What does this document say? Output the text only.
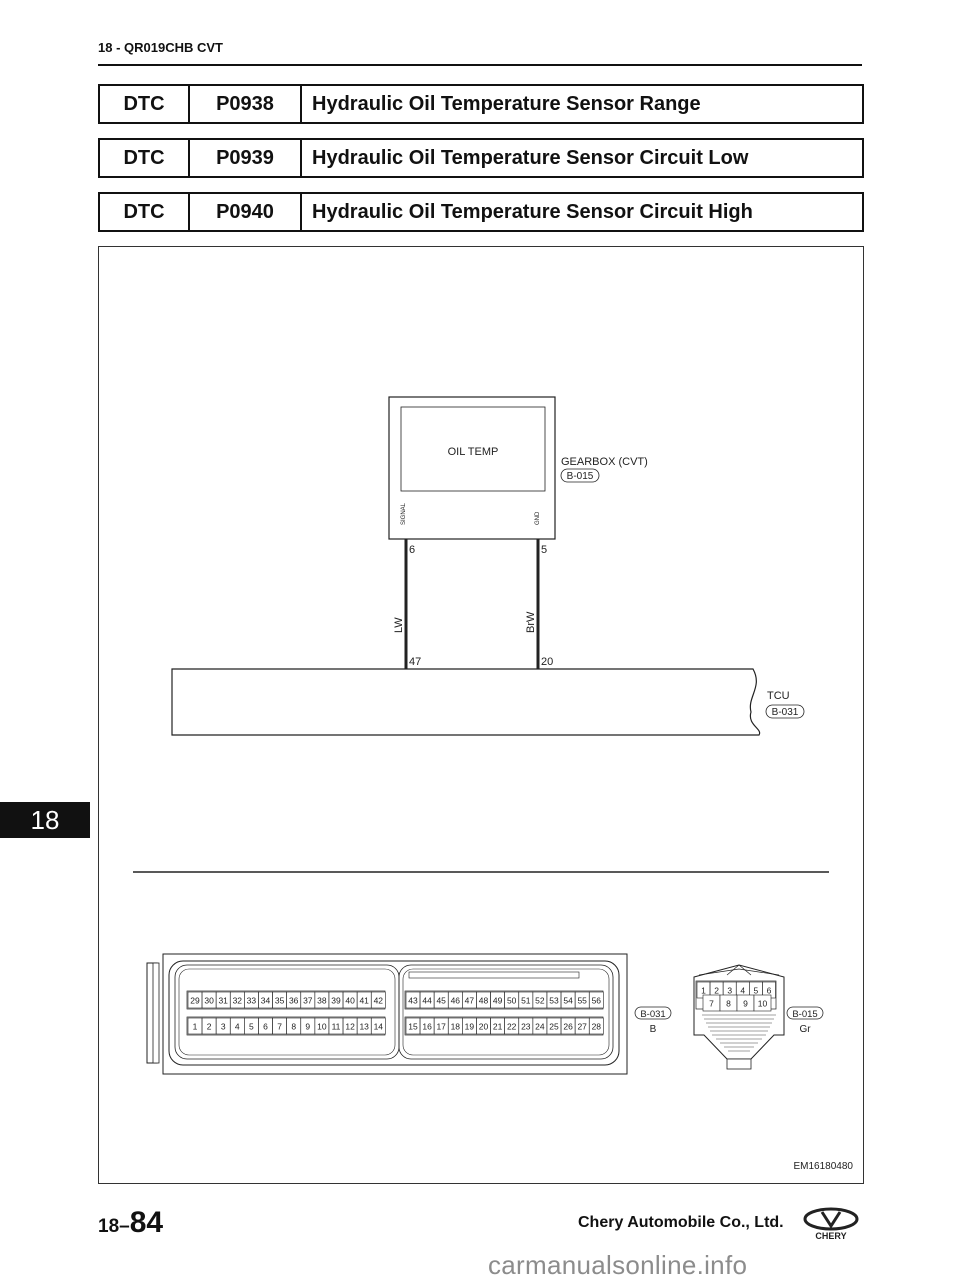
18 - QR019CHB CVT
DTC	P0938	Hydraulic Oil Temperature Sensor Range
DTC	P0939	Hydraulic Oil Temperature Sensor Circuit Low
DTC	P0940	Hydraulic Oil Temperature Sensor Circuit High
OIL TEMP
SIGNAL	GND
GEARBOX (CVT)
B-015
6	5
LW	BrW
47	20
TCU
B-031
29
1
43
15
30
2
44
16
31
3
45
17
32
4
46
18
33
5
47
19
34
6
48
20
35
7
49
21
36
8
50
22
37
9
51
23
38
10
52
24
39
11
53
25
40
12
54
26
41
13
55
27
42
14
56
28
B-031
B
1 2 3 4 5 6
7 8 9 10
B-015
Gr
EM16180480
18
18–84	Chery Automobile Co., Ltd.
CHERY
carmanualsonline.info
